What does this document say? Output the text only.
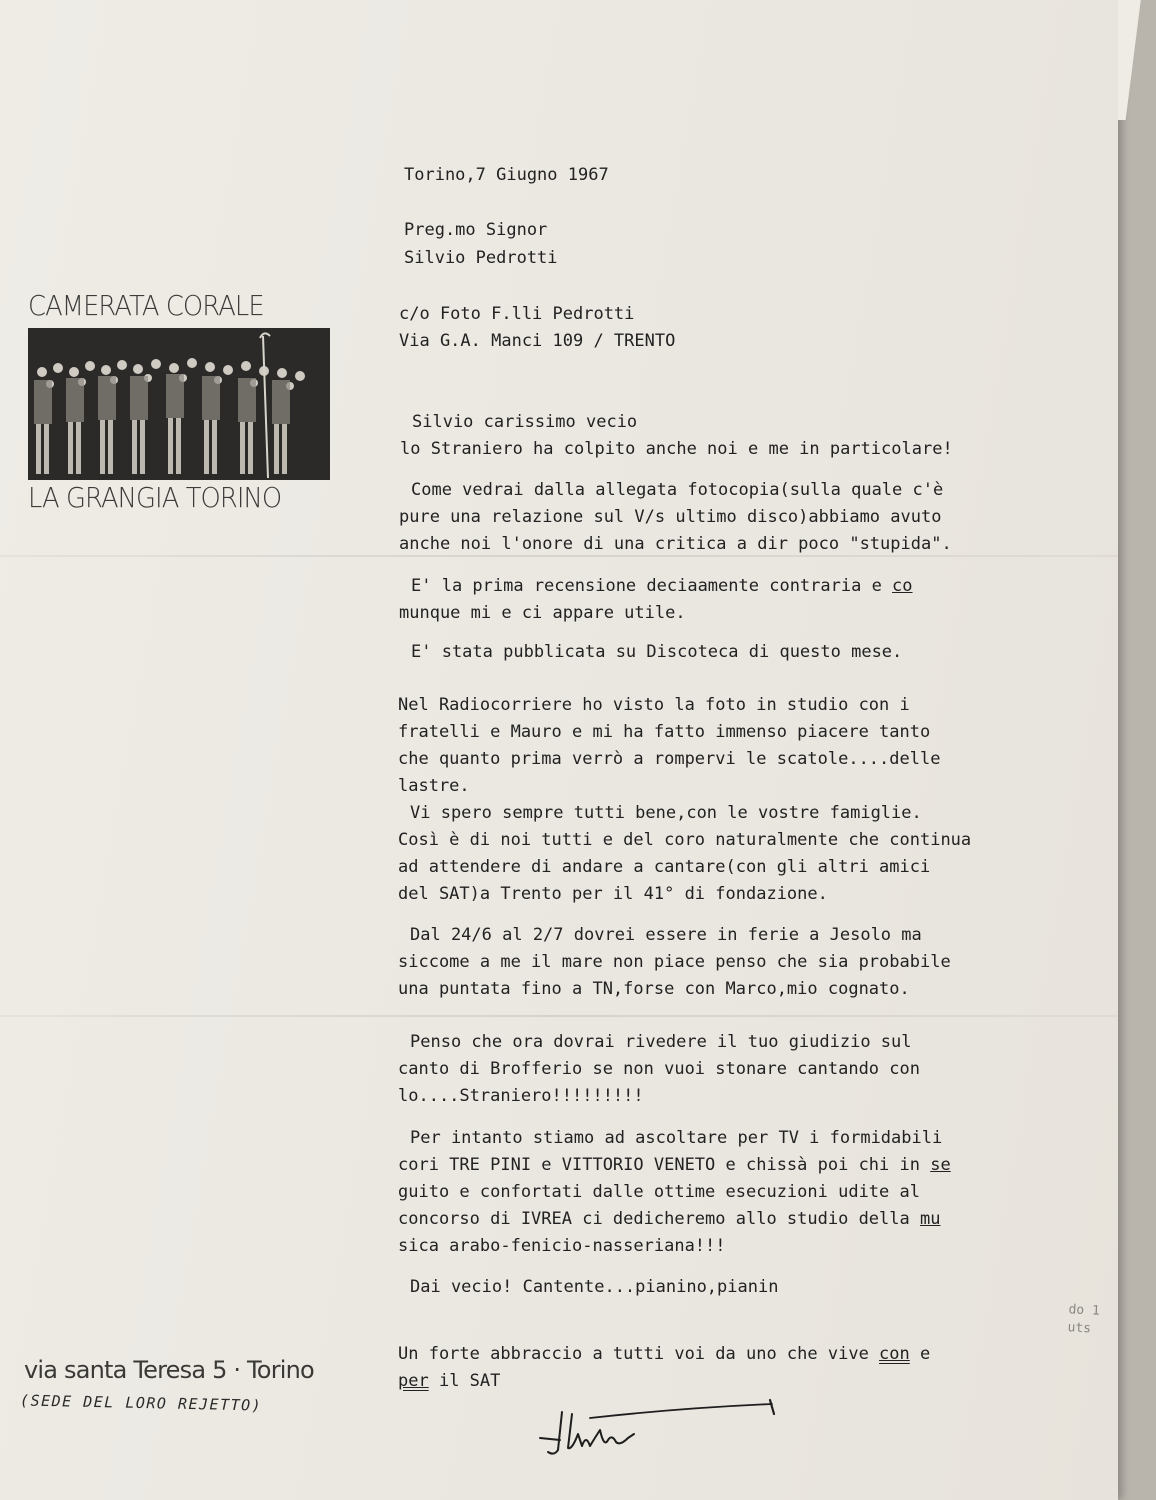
CAMERATA CORALE
LA GRANGIA TORINO
via santa Teresa 5 · Torino
(SEDE DEL LORO REJETTO)
Torino,7 Giugno 1967
Preg.mo Signor
Silvio Pedrotti
c/o Foto F.lli Pedrotti
Via G.A. Manci 109 / TRENTO
Silvio carissimo vecio
lo Straniero ha colpito anche noi e me in particolare!
Come vedrai dalla allegata fotocopia(sulla quale c'è
pure una relazione sul V/s ultimo disco)abbiamo avuto
anche noi l'onore di una critica a dir poco "stupida".
E' la prima recensione deciaamente contraria e co
munque mi e ci appare utile.
E' stata pubblicata su Discoteca di questo mese.
Nel Radiocorriere ho visto la foto in studio con i
fratelli e Mauro e mi ha fatto immenso piacere tanto
che quanto prima verrò a rompervi le scatole....delle
lastre.
Vi spero sempre tutti bene,con le vostre famiglie.
Così è di noi tutti e del coro naturalmente che continua
ad attendere di andare a cantare(con gli altri amici
del SAT)a Trento per il 41° di fondazione.
Dal 24/6 al 2/7 dovrei essere in ferie a Jesolo ma
siccome a me il mare non piace penso che sia probabile
una puntata fino a TN,forse con Marco,mio cognato.
Penso che ora dovrai rivedere il tuo giudizio sul
canto di Brofferio se non vuoi stonare cantando con
lo....Straniero!!!!!!!!!
Per intanto stiamo ad ascoltare per TV i formidabili
cori TRE PINI e VITTORIO VENETO e chissà poi chi in se
guito e confortati dalle ottime esecuzioni udite al
concorso di IVREA ci dedicheremo allo studio della mu
sica arabo-fenicio-nasseriana!!!
Dai vecio! Cantente...pianino,pianin
Un forte abbraccio a tutti voi da uno che vive con e
per il SAT
do 1
uts
